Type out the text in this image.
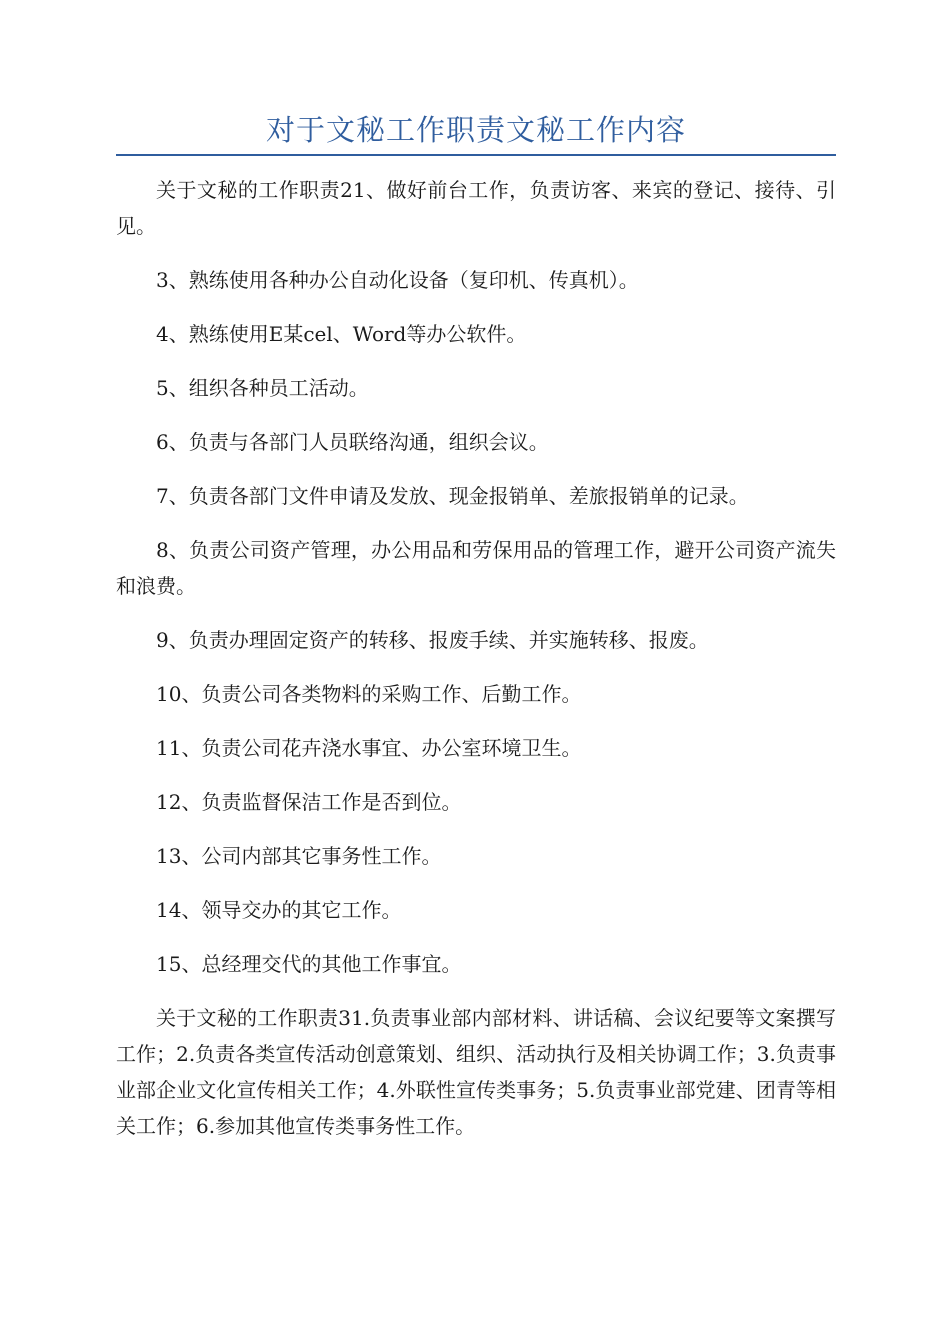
对于文秘工作职责文秘工作内容

关于文秘的工作职责21、做好前台工作，负责访客、来宾的登记、接待、引见。

3、熟练使用各种办公自动化设备（复印机、传真机）。

4、熟练使用E某cel、Word等办公软件。

5、组织各种员工活动。

6、负责与各部门人员联络沟通，组织会议。

7、负责各部门文件申请及发放、现金报销单、差旅报销单的记录。

8、负责公司资产管理，办公用品和劳保用品的管理工作，避开公司资产流失和浪费。

9、负责办理固定资产的转移、报废手续、并实施转移、报废。

10、负责公司各类物料的采购工作、后勤工作。

11、负责公司花卉浇水事宜、办公室环境卫生。

12、负责监督保洁工作是否到位。

13、公司内部其它事务性工作。

14、领导交办的其它工作。

15、总经理交代的其他工作事宜。

关于文秘的工作职责31.负责事业部内部材料、讲话稿、会议纪要等文案撰写工作；2.负责各类宣传活动创意策划、组织、活动执行及相关协调工作；3.负责事业部企业文化宣传相关工作；4.外联性宣传类事务；5.负责事业部党建、团青等相关工作；6.参加其他宣传类事务性工作。
